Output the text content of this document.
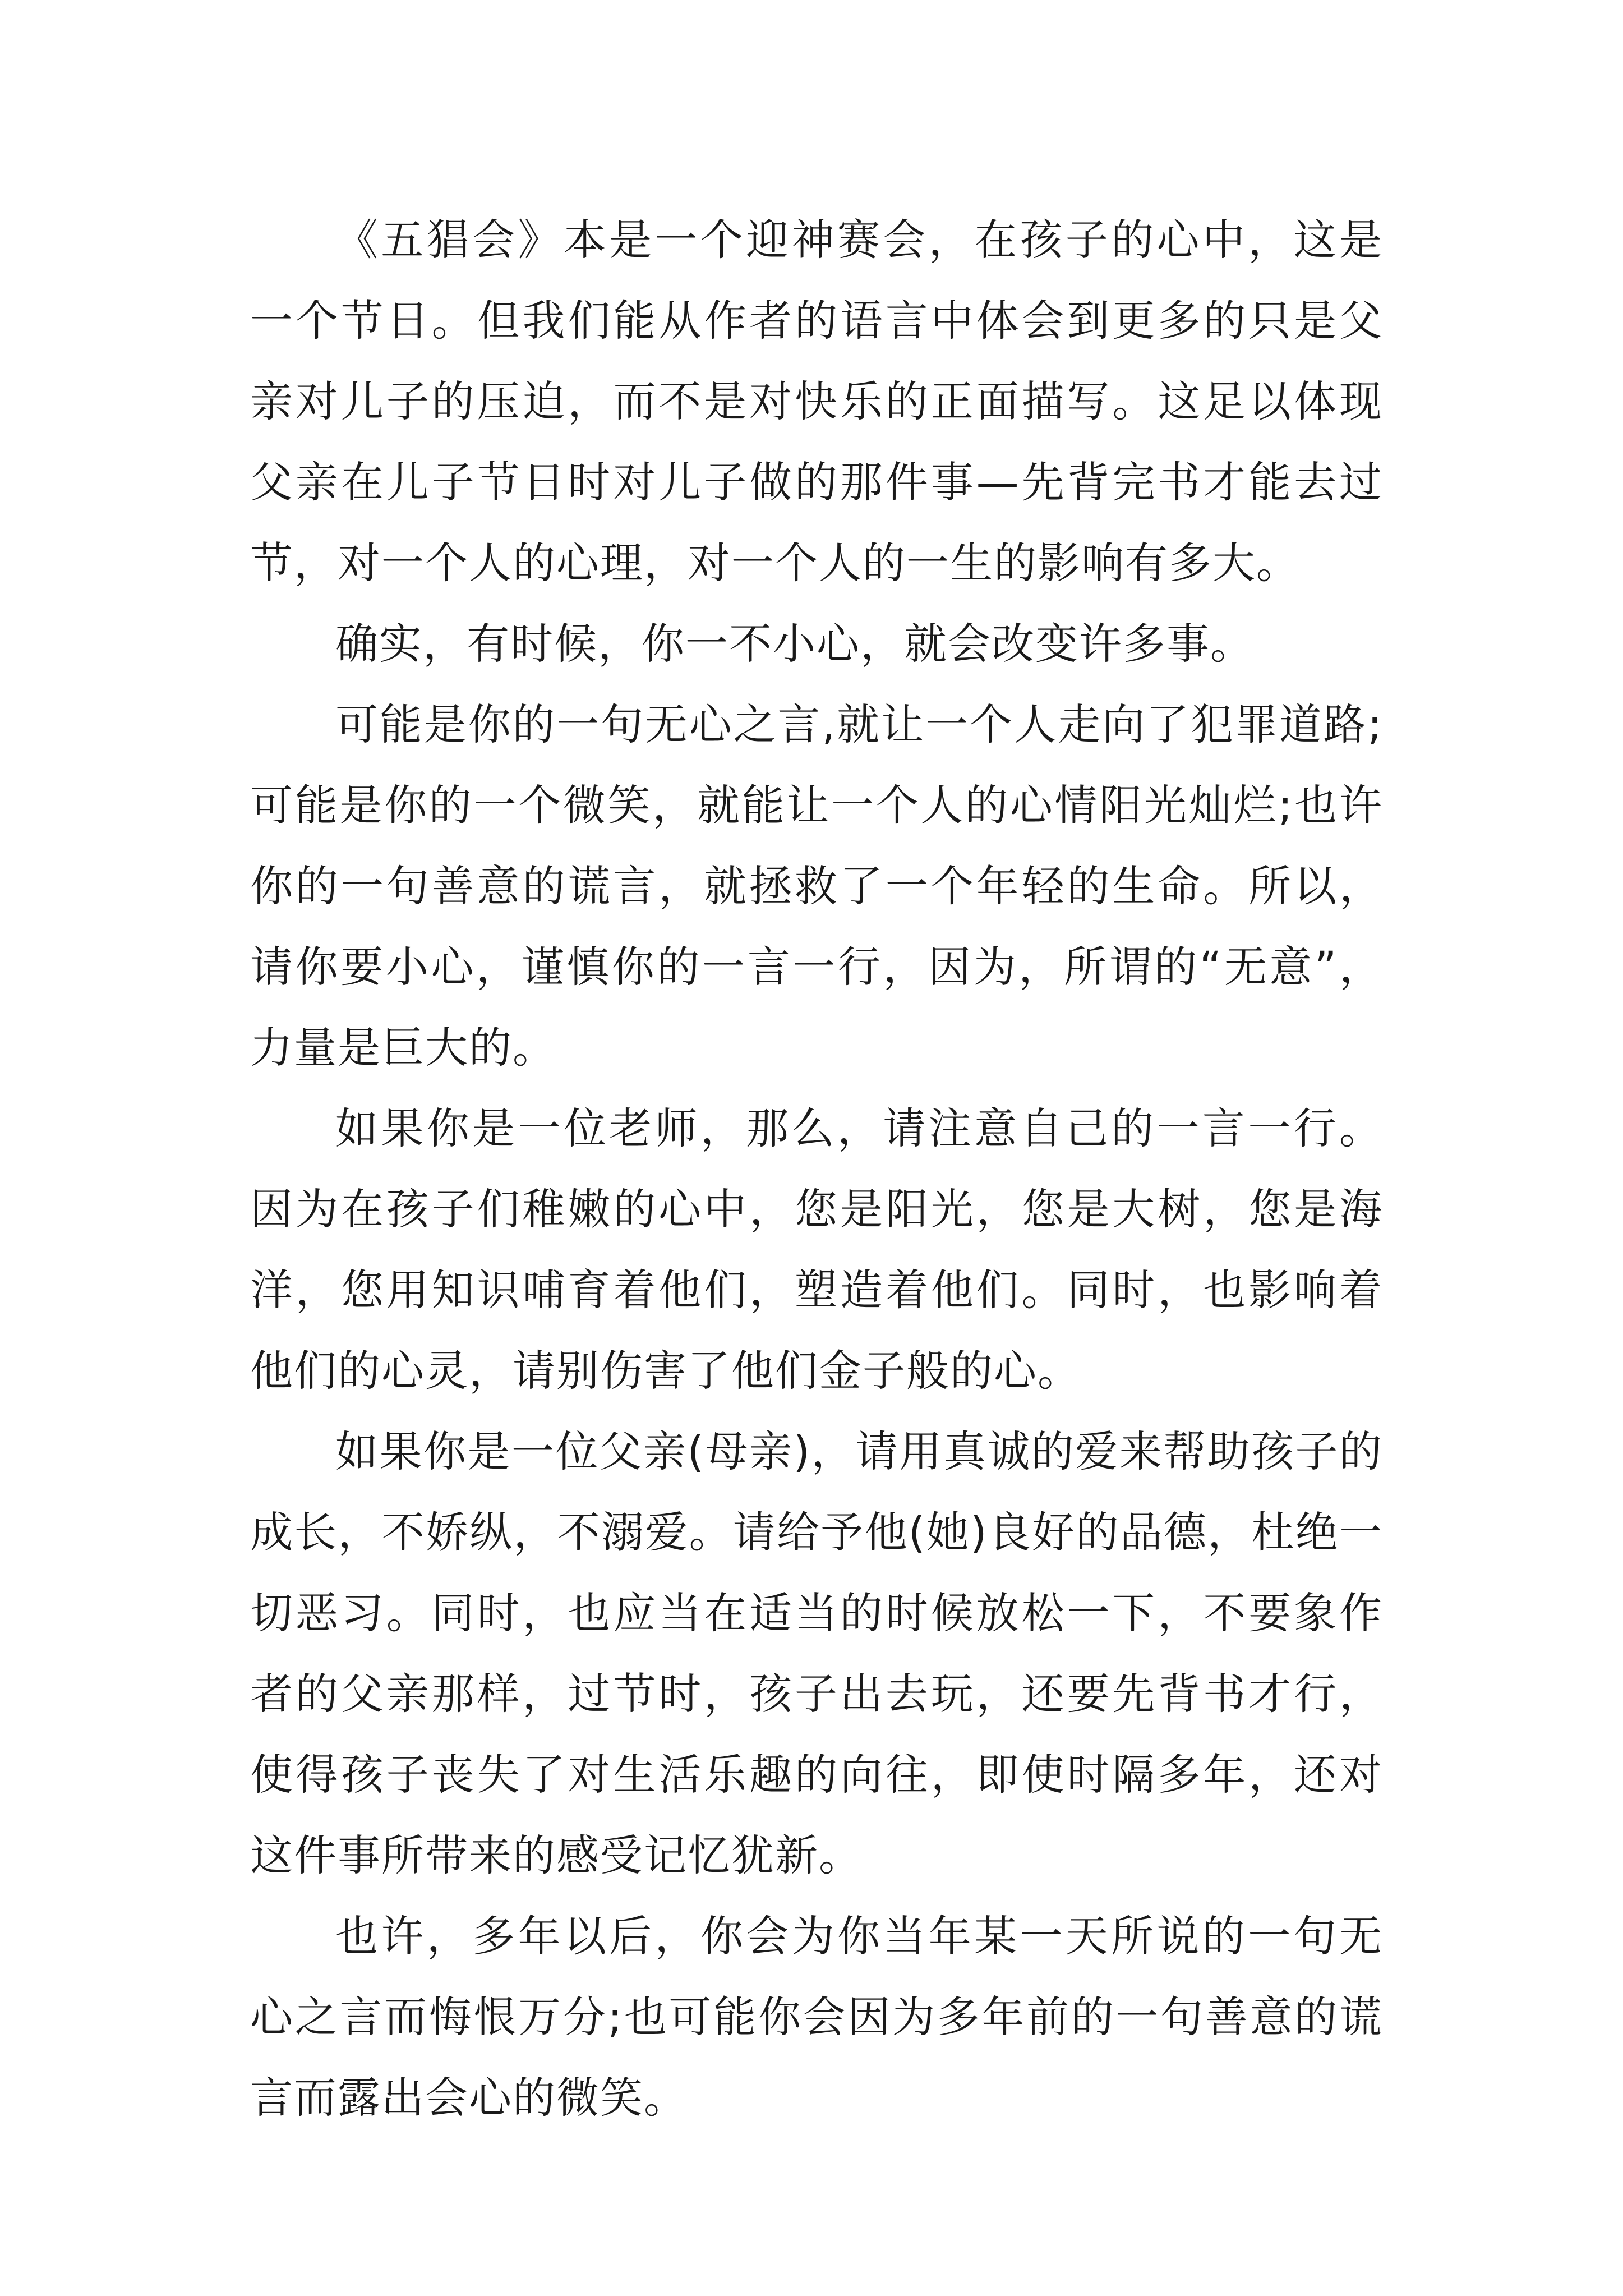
《五猖会》本是一个迎神赛会，在孩子的心中，这是一个节日。但我们能从作者的语言中体会到更多的只是父亲对儿子的压迫，而不是对快乐的正面描写。这足以体现父亲在儿子节日时对儿子做的那件事—先背完书才能去过节，对一个人的心理，对一个人的一生的影响有多大。

确实，有时候，你一不小心，就会改变许多事。

可能是你的一句无心之言,就让一个人走向了犯罪道路;可能是你的一个微笑，就能让一个人的心情阳光灿烂;也许你的一句善意的谎言，就拯救了一个年轻的生命。所以，请你要小心，谨慎你的一言一行，因为，所谓的“无意”，力量是巨大的。

如果你是一位老师，那么，请注意自己的一言一行。因为在孩子们稚嫩的心中，您是阳光，您是大树，您是海洋，您用知识哺育着他们，塑造着他们。同时，也影响着他们的心灵，请别伤害了他们金子般的心。

如果你是一位父亲(母亲)，请用真诚的爱来帮助孩子的成长，不娇纵，不溺爱。请给予他(她)良好的品德，杜绝一切恶习。同时，也应当在适当的时候放松一下，不要象作者的父亲那样，过节时，孩子出去玩，还要先背书才行，使得孩子丧失了对生活乐趣的向往，即使时隔多年，还对这件事所带来的感受记忆犹新。

也许，多年以后，你会为你当年某一天所说的一句无心之言而悔恨万分;也可能你会因为多年前的一句善意的谎言而露出会心的微笑。
